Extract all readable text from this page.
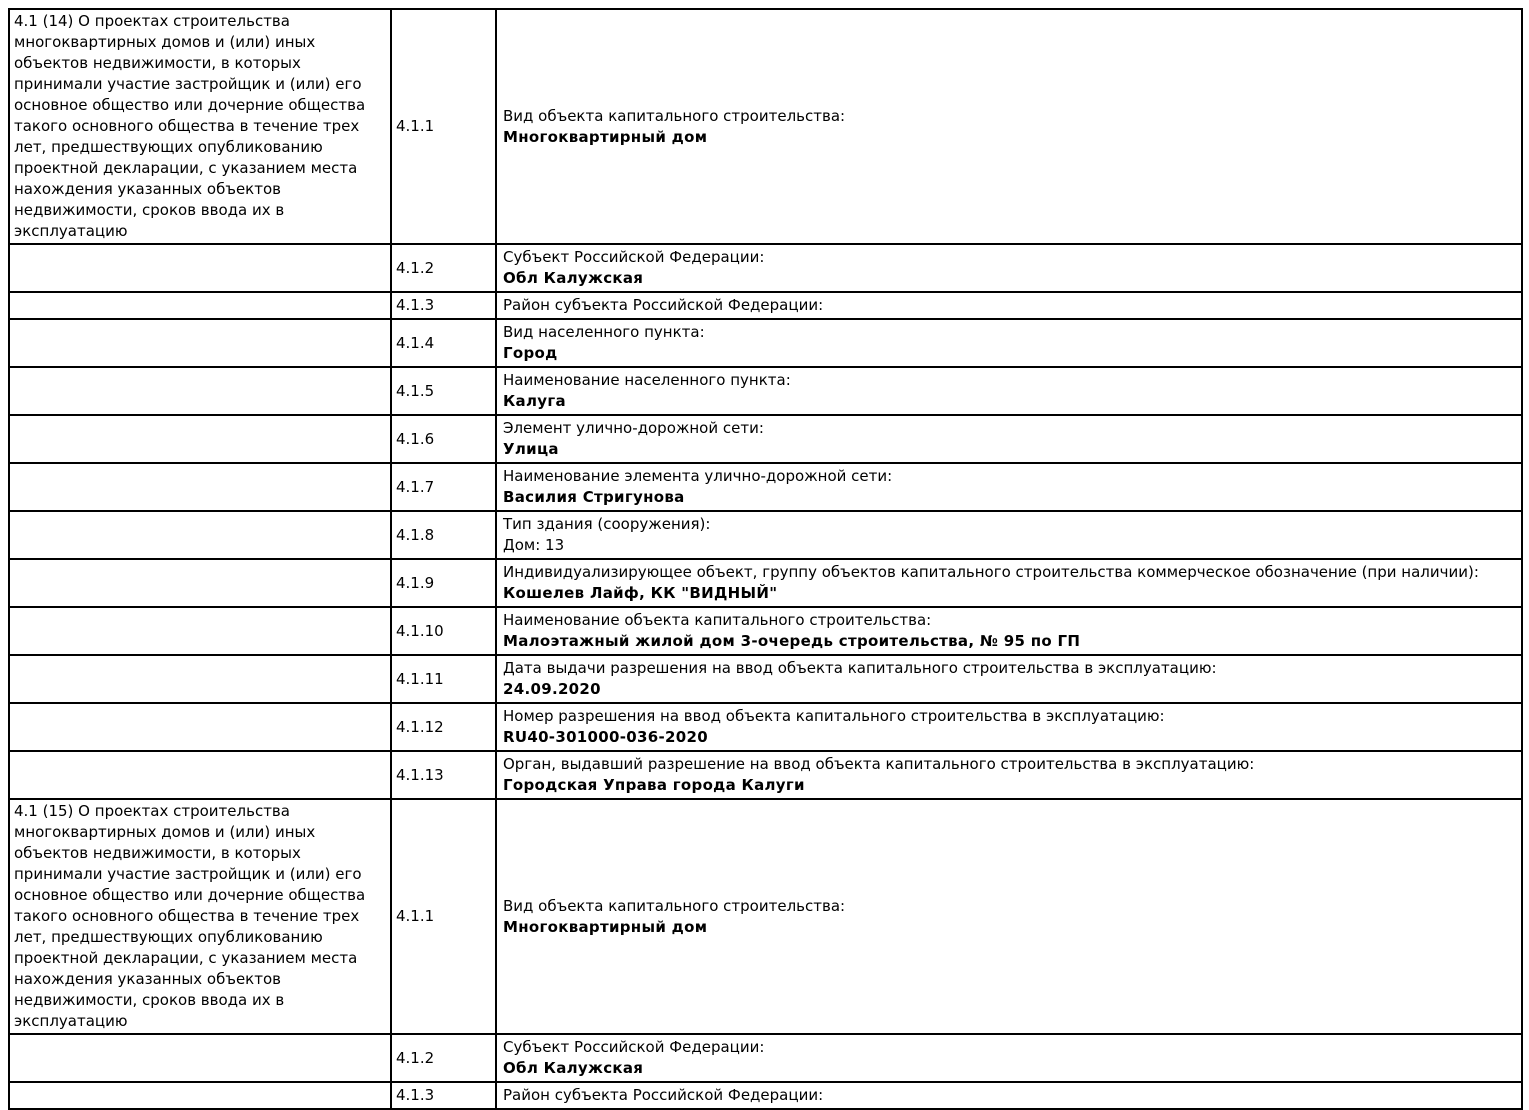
4.1 (14) О проектах строительства многоквартирных домов и (или) иных объектов недвижимости, в которых принимали участие застройщик и (или) его основное общество или дочерние общества такого основного общества в течение трех лет, предшествующих опубликованию проектной декларации, с указанием места нахождения указанных объектов недвижимости, сроков ввода их в эксплуатацию	4.1.1	Вид объекта капитального строительства:
Многоквартирный дом

	4.1.2	Субъект Российской Федерации:
Обл Калужская

	4.1.3	Район субъекта Российской Федерации:

	4.1.4	Вид населенного пункта:
Город

	4.1.5	Наименование населенного пункта:
Калуга

	4.1.6	Элемент улично-дорожной сети:
Улица

	4.1.7	Наименование элемента улично-дорожной сети:
Василия Стригунова

	4.1.8	Тип здания (сооружения):
Дом: 13

	4.1.9	Индивидуализирующее объект, группу объектов капитального строительства коммерческое обозначение (при наличии):
Кошелев Лайф, КК "ВИДНЫЙ"

	4.1.10	Наименование объекта капитального строительства:
Малоэтажный жилой дом 3-очередь строительства, № 95 по ГП

	4.1.11	Дата выдачи разрешения на ввод объекта капитального строительства в эксплуатацию:
24.09.2020

	4.1.12	Номер разрешения на ввод объекта капитального строительства в эксплуатацию:
RU40-301000-036-2020

	4.1.13	Орган, выдавший разрешение на ввод объекта капитального строительства в эксплуатацию:
Городская Управа города Калуги

4.1 (15) О проектах строительства многоквартирных домов и (или) иных объектов недвижимости, в которых принимали участие застройщик и (или) его основное общество или дочерние общества такого основного общества в течение трех лет, предшествующих опубликованию проектной декларации, с указанием места нахождения указанных объектов недвижимости, сроков ввода их в эксплуатацию	4.1.1	Вид объекта капитального строительства:
Многоквартирный дом

	4.1.2	Субъект Российской Федерации:
Обл Калужская

	4.1.3	Район субъекта Российской Федерации:
